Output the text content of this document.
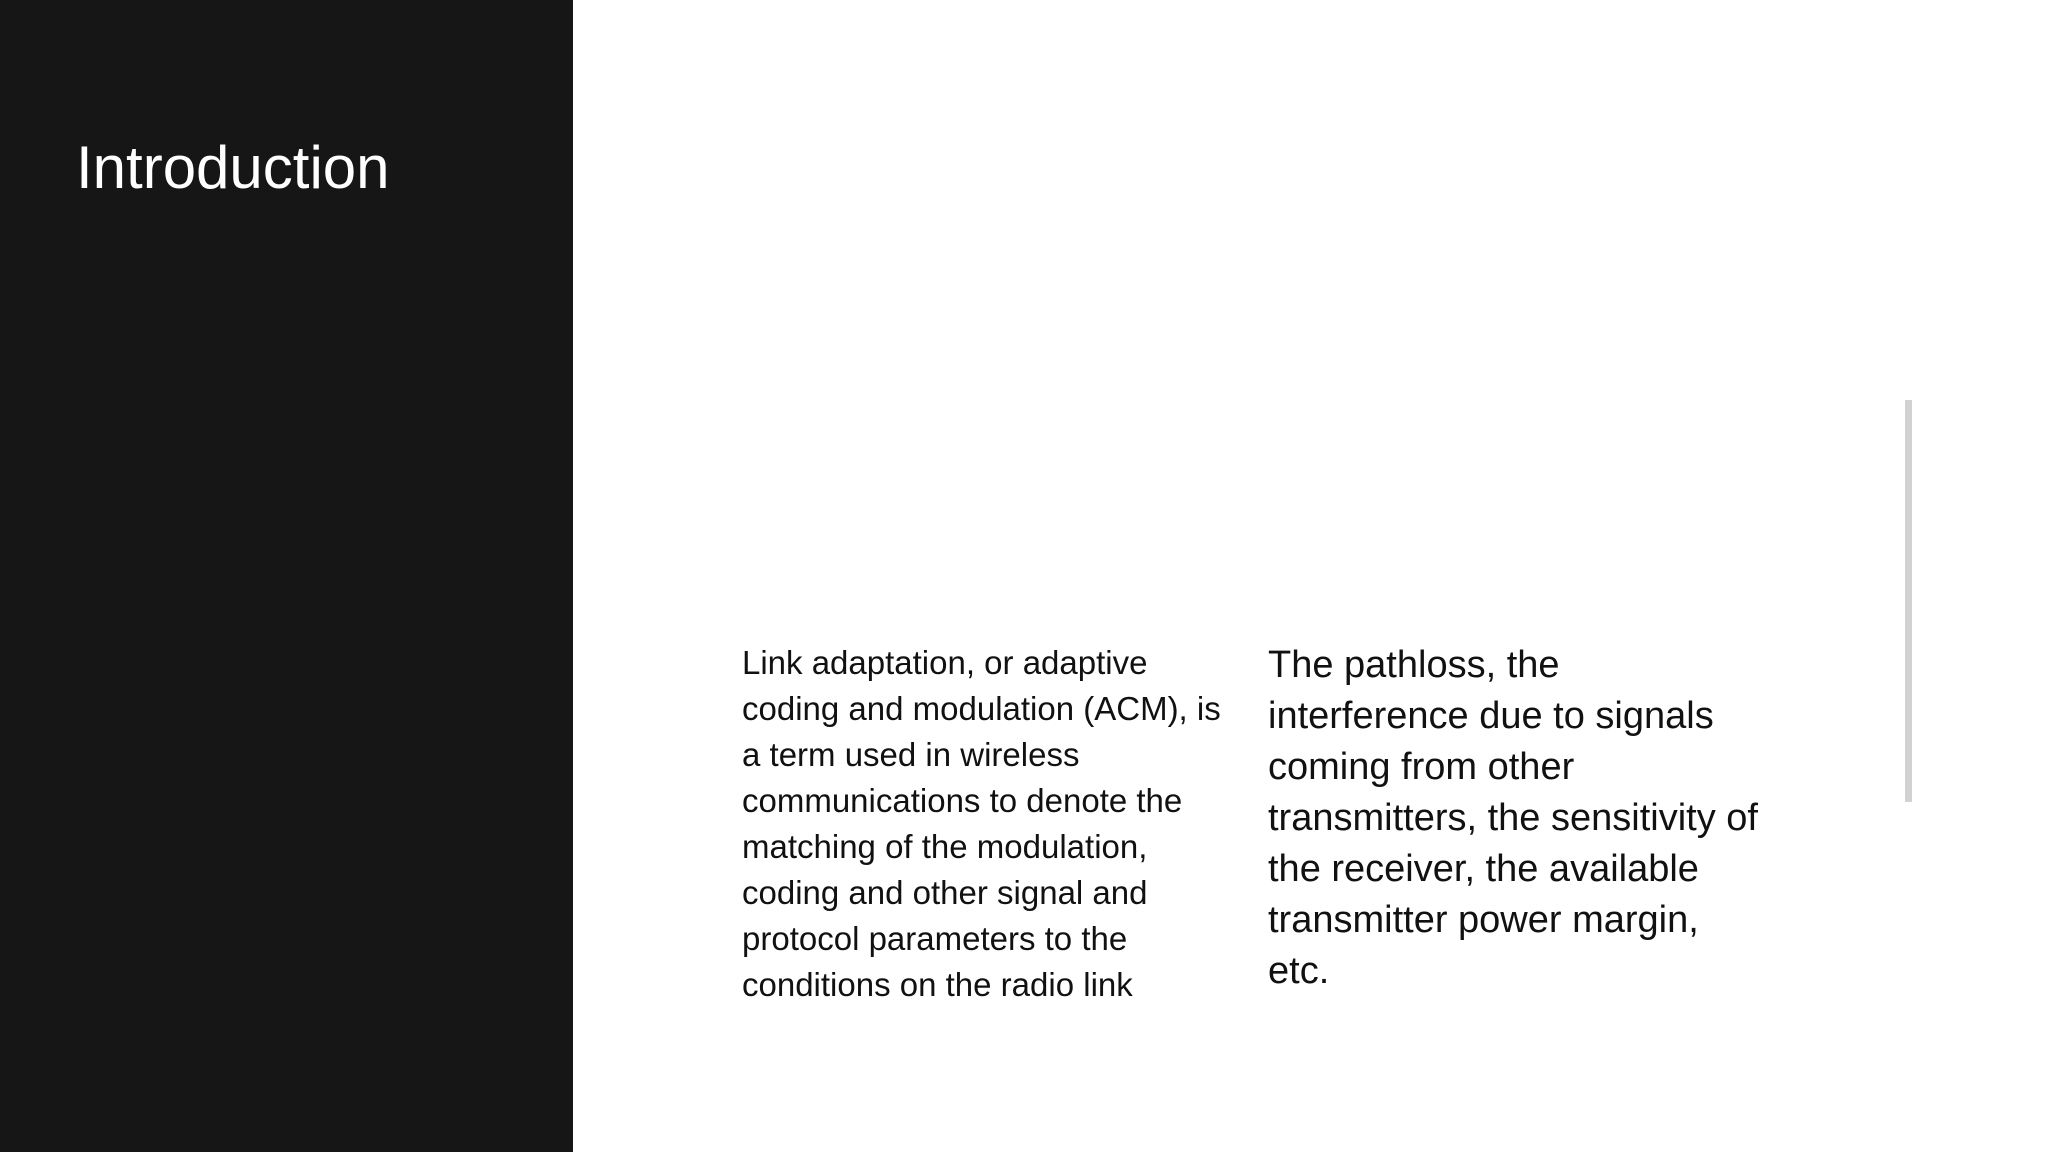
Introduction

Link adaptation, or adaptive coding and modulation (ACM), is a term used in wireless communications to denote the matching of the modulation, coding and other signal and protocol parameters to the conditions on the radio link

The pathloss, the interference due to signals coming from other transmitters, the sensitivity of the receiver, the available transmitter power margin, etc.
